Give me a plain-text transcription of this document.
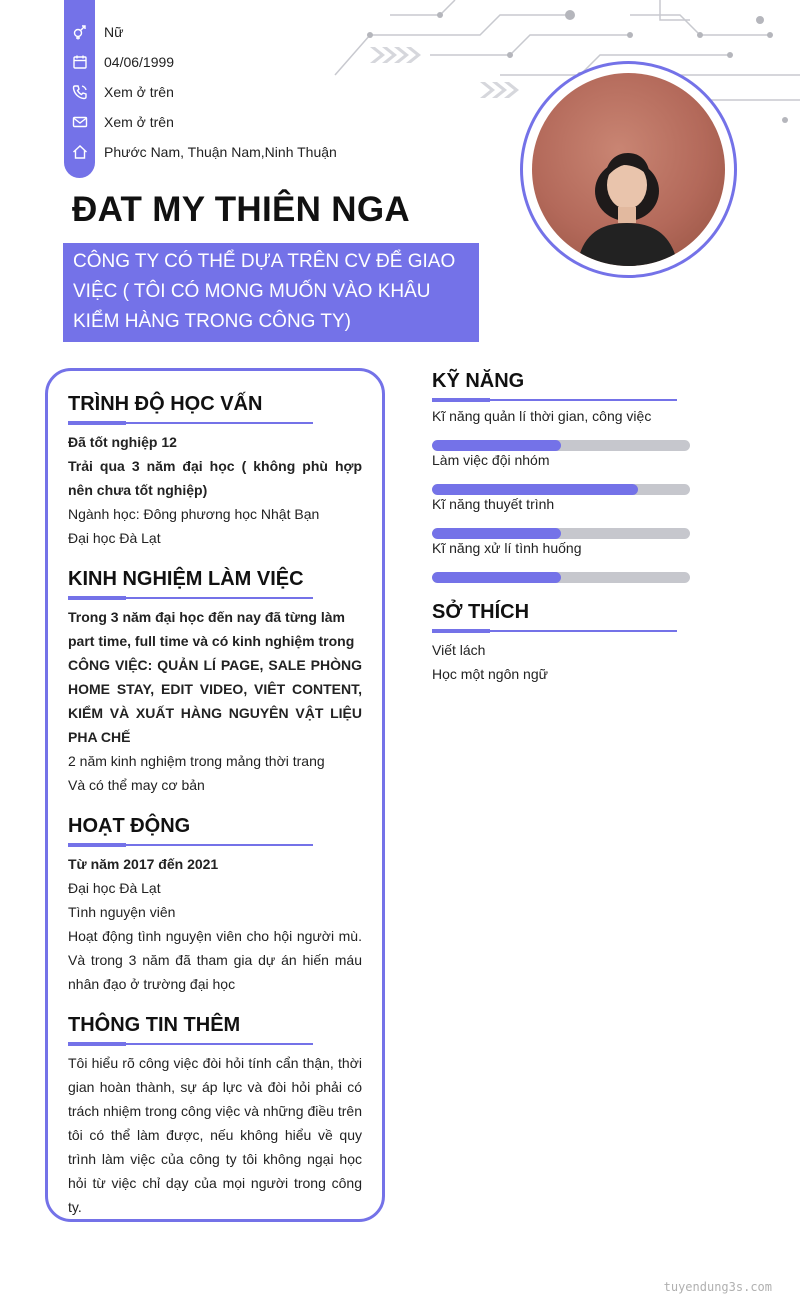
Nữ
04/06/1999
Xem ở trên
Xem ở trên
Phước Nam, Thuận Nam,Ninh Thuận
ĐAT MY THIÊN NGA
CÔNG TY CÓ THỂ DỰA TRÊN CV ĐỂ GIAO VIỆC ( TÔI CÓ MONG MUỐN VÀO KHÂU KIỂM HÀNG TRONG CÔNG TY)
TRÌNH ĐỘ HỌC VẤN

Đã tốt nghiệp 12

Trải qua 3 năm đại học ( không phù hợp nên chưa tốt nghiệp)

Ngành học: Đông phương học Nhật Bạn

Đại học Đà Lạt

KINH NGHIỆM LÀM VIỆC

Trong 3 năm đại học đến nay đã từng làm part time, full time và có kinh nghiệm trong

CÔNG VIỆC: QUẢN LÍ PAGE, SALE PHÒNG HOME STAY, EDIT VIDEO, VIÊT CONTENT, KIỂM VÀ XUẤT HÀNG NGUYÊN VẬT LIỆU PHA CHẾ

2 năm kinh nghiệm trong mảng thời trang

Và có thể may cơ bản

HOẠT ĐỘNG

Từ năm 2017 đến 2021

Đại học Đà Lạt

Tình nguyện viên

Hoạt động tình nguyện viên cho hội người mù. Và trong 3 năm đã tham gia dự án hiến máu nhân đạo ở trường đại học

THÔNG TIN THÊM
Tôi hiểu rõ công việc đòi hỏi tính cẩn thận, thời gian hoàn thành, sự áp lực và đòi hỏi phải có trách nhiệm trong công việc và những điều trên tôi có thể làm được, nếu không hiểu về quy trình làm việc của công ty tôi không ngại học hỏi từ việc chỉ dạy của mọi người trong công ty.
KỸ NĂNG
Kĩ năng quản lí thời gian, công việc
Làm việc đội nhóm
Kĩ năng thuyết trình
Kĩ năng xử lí tình huống
SỞ THÍCH

Viết lách

Học một ngôn ngữ

tuyendung3s.com
